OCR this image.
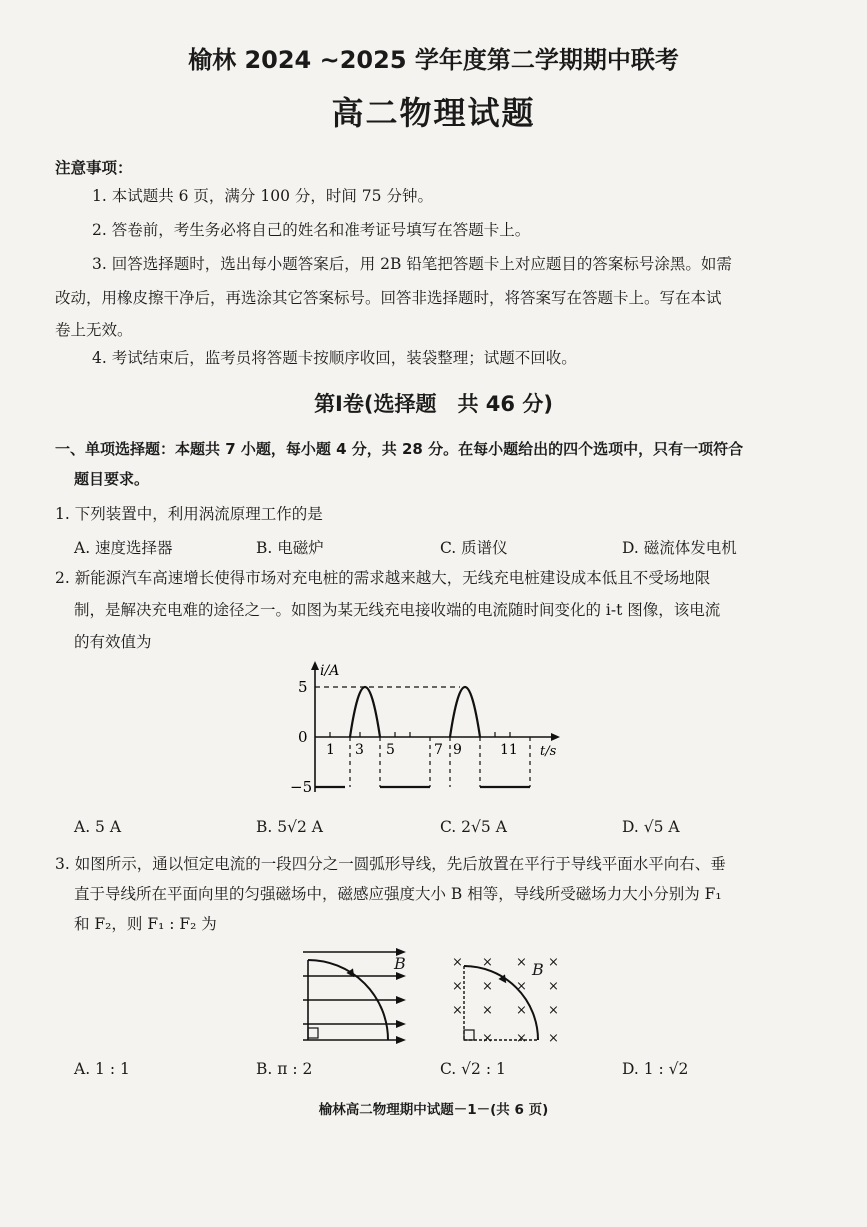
榆林 2024 ~2025 学年度第二学期期中联考
高二物理试题
注意事项：
1. 本试题共 6 页，满分 100 分，时间 75 分钟。
2. 答卷前，考生务必将自己的姓名和准考证号填写在答题卡上。
3. 回答选择题时，选出每小题答案后，用 2B 铅笔把答题卡上对应题目的答案标号涂黑。如需
改动，用橡皮擦干净后，再选涂其它答案标号。回答非选择题时，将答案写在答题卡上。写在本试
卷上无效。
4. 考试结束后，监考员将答题卡按顺序收回，装袋整理；试题不回收。
第Ⅰ卷(选择题　共 46 分)
一、单项选择题：本题共 7 小题，每小题 4 分，共 28 分。在每小题给出的四个选项中，只有一项符合
题目要求。
1. 下列装置中，利用涡流原理工作的是
A. 速度选择器	B. 电磁炉	C. 质谱仪	D. 磁流体发电机
2. 新能源汽车高速增长使得市场对充电桩的需求越来越大，无线充电桩建设成本低且不受场地限
制，是解决充电难的途径之一。如图为某无线充电接收端的电流随时间变化的 i-t 图像，该电流
的有效值为
i/A
t/s
5
0
−5
1 3 5	7 9	11
A. 5 A	B. 5√2 A	C. 2√5 A	D. √5 A
3. 如图所示，通以恒定电流的一段四分之一圆弧形导线，先后放置在平行于导线平面水平向右、垂
直于导线所在平面向里的匀强磁场中，磁感应强度大小 B 相等，导线所受磁场力大小分别为 F₁
和 F₂，则 F₁ : F₂ 为
B	× × × ×
× × × ×
× × × ×
× × ×
B
A. 1 : 1	B. π : 2	C. √2 : 1	D. 1 : √2
榆林高二物理期中试题－1－(共 6 页)
